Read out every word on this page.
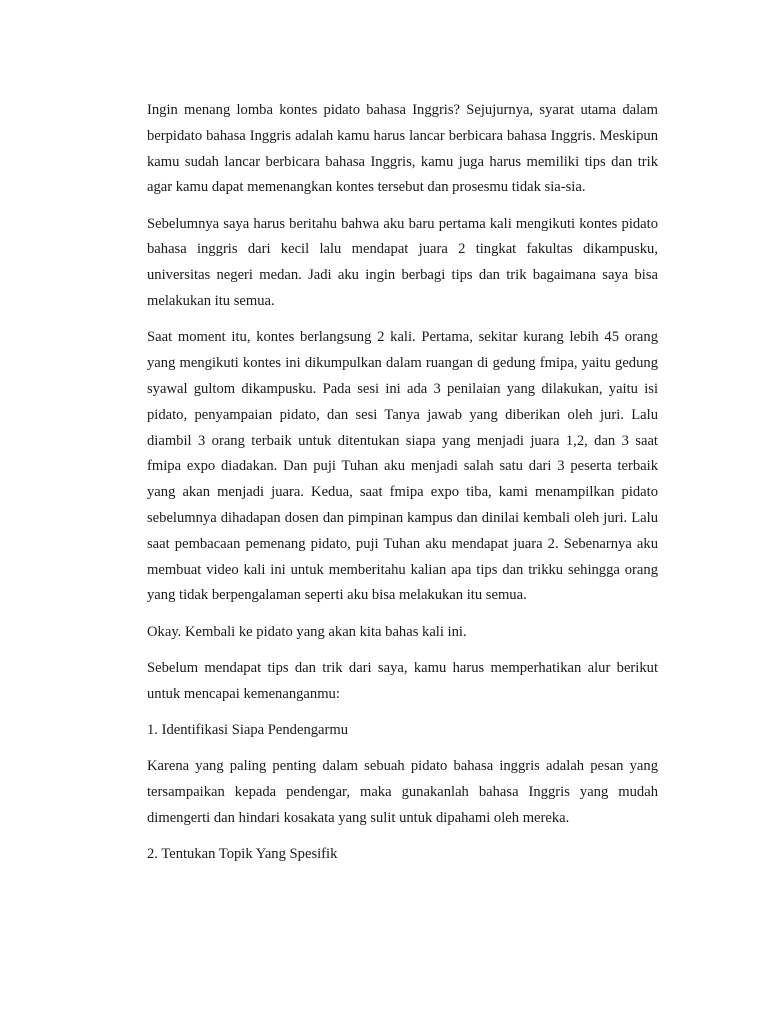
Ingin menang lomba kontes pidato bahasa Inggris? Sejujurnya, syarat utama dalam berpidato bahasa Inggris adalah kamu harus lancar berbicara bahasa Inggris. Meskipun kamu sudah lancar berbicara bahasa Inggris, kamu juga harus memiliki tips dan trik agar kamu dapat memenangkan kontes tersebut dan prosesmu tidak sia-sia.

Sebelumnya saya harus beritahu bahwa aku baru pertama kali mengikuti kontes pidato bahasa inggris dari kecil lalu mendapat juara 2 tingkat fakultas dikampusku, universitas negeri medan. Jadi aku ingin berbagi tips dan trik bagaimana saya bisa melakukan itu semua.

Saat moment itu, kontes berlangsung 2 kali. Pertama, sekitar kurang lebih 45 orang yang mengikuti kontes ini dikumpulkan dalam ruangan di gedung fmipa, yaitu gedung syawal gultom dikampusku. Pada sesi ini ada 3 penilaian yang dilakukan, yaitu isi pidato, penyampaian pidato, dan sesi Tanya jawab yang diberikan oleh juri. Lalu diambil 3 orang terbaik untuk ditentukan siapa yang menjadi juara 1,2, dan 3 saat fmipa expo diadakan. Dan puji Tuhan aku menjadi salah satu dari 3 peserta terbaik yang akan menjadi juara. Kedua, saat fmipa expo tiba, kami menampilkan pidato sebelumnya dihadapan dosen dan pimpinan kampus dan dinilai kembali oleh juri. Lalu saat pembacaan pemenang pidato, puji Tuhan aku mendapat juara 2. Sebenarnya aku membuat video kali ini untuk memberitahu kalian apa tips dan trikku sehingga orang yang tidak berpengalaman seperti aku bisa melakukan itu semua.

Okay. Kembali ke pidato yang akan kita bahas kali ini.

Sebelum mendapat tips dan trik dari saya, kamu harus memperhatikan alur berikut untuk mencapai kemenanganmu:

1. Identifikasi Siapa Pendengarmu

Karena yang paling penting dalam sebuah pidato bahasa inggris adalah pesan yang tersampaikan kepada pendengar, maka gunakanlah bahasa Inggris yang mudah dimengerti dan hindari kosakata yang sulit untuk dipahami oleh mereka.

2. Tentukan Topik Yang Spesifik
